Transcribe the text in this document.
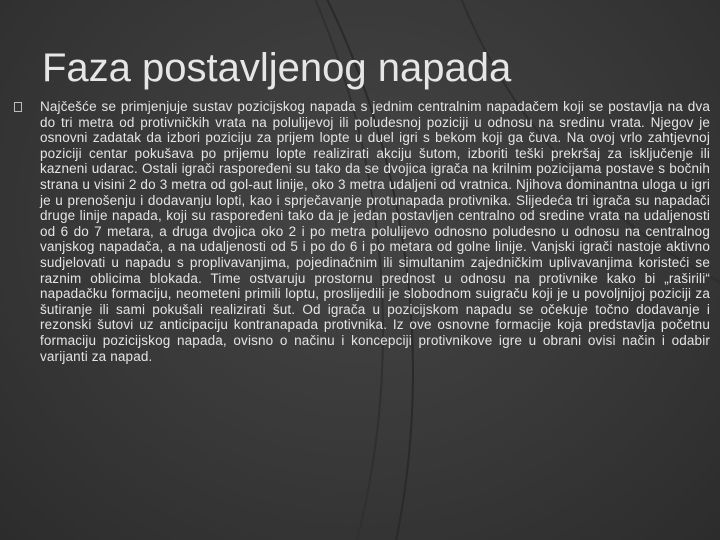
Faza postavljenog napada

Najčešće se primjenjuje sustav pozicijskog napada s jednim centralnim napadačem koji se postavlja na dva do tri metra od protivničkih vrata na polulijevoj ili poludesnoj poziciji u odnosu na sredinu vrata. Njegov je osnovni zadatak da izbori poziciju za prijem lopte u duel igri s bekom koji ga čuva. Na ovoj vrlo zahtjevnoj poziciji centar pokušava po prijemu lopte realizirati akciju šutom, izboriti teški prekršaj za isključenje ili kazneni udarac. Ostali igrači raspoređeni su tako da se dvojica igrača na krilnim pozicijama postave s bočnih strana u visini 2 do 3 metra od gol-aut linije, oko 3 metra udaljeni od vratnica. Njihova dominantna uloga u igri je u prenošenju i dodavanju lopti, kao i sprječavanje protunapada protivnika. Slijedeća tri igrača su napadači druge linije napada, koji su raspoređeni tako da je jedan postavljen centralno od sredine vrata na udaljenosti od 6 do 7 metara, a druga dvojica oko 2 i po metra polulijevo odnosno poludesno u odnosu na centralnog vanjskog napadača, a na udaljenosti od 5 i po do 6 i po metara od golne linije. Vanjski igrači nastoje aktivno sudjelovati u napadu s proplivavanjima, pojedinačnim ili simultanim zajedničkim uplivavanjima koristeći se raznim oblicima blokada. Time ostvaruju prostornu prednost u odnosu na protivnike kako bi „raširili“ napadačku formaciju, neometeni primili loptu, proslijedili je slobodnom suigraču koji je u povoljnijoj poziciji za šutiranje ili sami pokušali realizirati šut. Od igrača u pozicijskom napadu se očekuje točno dodavanje i rezonski šutovi uz anticipaciju kontranapada protivnika. Iz ove osnovne formacije koja predstavlja početnu formaciju pozicijskog napada, ovisno o načinu i koncepciji protivnikove igre u obrani ovisi način i odabir varijanti za napad.
